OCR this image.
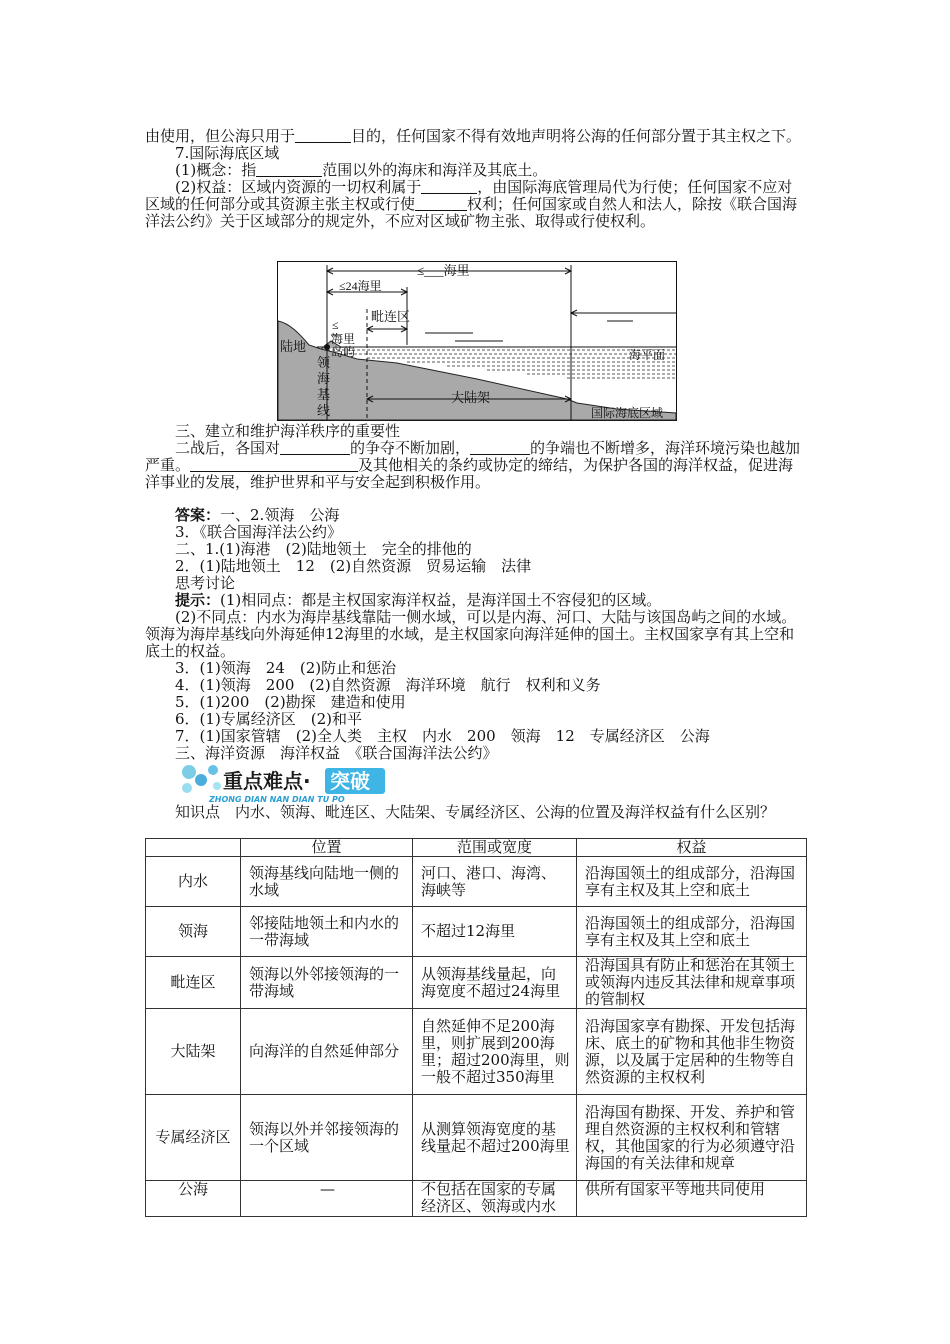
由使用，但公海只用于	目的，任何国家不得有效地声明将公海的任何部分置于其主权之下。
7.国际海底区域
(1)概念：指	范围以外的海床和海洋及其底土。
(2)权益：区域内资源的一切权利属于	，由国际海底管理局代为行使；任何国家不应对区域的任何部分或其资源主张主权或行使	权利；任何国家或自然人和法人，除按《联合国海洋法公约》关于区域部分的规定外，不应对区域矿物主张、取得或行使权利。
≤___海里
≤24海里
毗连区
≤
海里
陆地 岛屿	海平面
大陆架
国际海底区域
领
海
基
线
三、建立和维护海洋秩序的重要性
二战后，各国对	的争夺不断加剧，	的争端也不断增多，海洋环境污染也越加严重。	及其他相关的条约或协定的缔结，为保护各国的海洋权益，促进海洋事业的发展，维护世界和平与安全起到积极作用。
答案：一、2.领海　公海
3．《联合国海洋法公约》
二、1.(1)海港　(2)陆地领土　完全的排他的
2．(1)陆地领土　12　(2)自然资源　贸易运输　法律
思考讨论
提示：(1)相同点：都是主权国家海洋权益，是海洋国土不容侵犯的区域。
(2)不同点：内水为海岸基线靠陆一侧水域，可以是内海、河口、大陆与该国岛屿之间的水域。领海为海岸基线向外海延伸12海里的水域，是主权国家向海洋延伸的国土。主权国家享有其上空和底土的权益。
3．(1)领海　24　(2)防止和惩治
4．(1)领海　200　(2)自然资源　海洋环境　航行　权利和义务
5．(1)200　(2)勘探　建造和使用
6．(1)专属经济区　(2)和平
7．(1)国家管辖　(2)全人类　主权　内水　200　领海　12　专属经济区　公海
三、海洋资源　海洋权益　《联合国海洋法公约》
重点难点· 突破
ZHONG DIAN NAN DIAN TU PO
知识点　内水、领海、毗连区、大陆架、专属经济区、公海的位置及海洋权益有什么区别？
	位置	范围或宽度	权益
内水	领海基线向陆地一侧的水域	河口、港口、海湾、海峡等	沿海国领土的组成部分，沿海国享有主权及其上空和底土
领海	邻接陆地领土和内水的一带海域	不超过12海里	沿海国领土的组成部分，沿海国享有主权及其上空和底土
毗连区	领海以外邻接领海的一带海域	从领海基线量起，向海宽度不超过24海里	沿海国具有防止和惩治在其领土或领海内违反其法律和规章事项的管制权
大陆架	向海洋的自然延伸部分	自然延伸不足200海里，则扩展到200海里；超过200海里，则一般不超过350海里	沿海国家享有勘探、开发包括海床、底土的矿物和其他非生物资源，以及属于定居种的生物等自然资源的主权权利
专属经济区	领海以外并邻接领海的一个区域	从测算领海宽度的基线量起不超过200海里	沿海国有勘探、开发、养护和管理自然资源的主权权利和管辖权，其他国家的行为必须遵守沿海国的有关法律和规章
公海	—	不包括在国家的专属经济区、领海或内水	供所有国家平等地共同使用
